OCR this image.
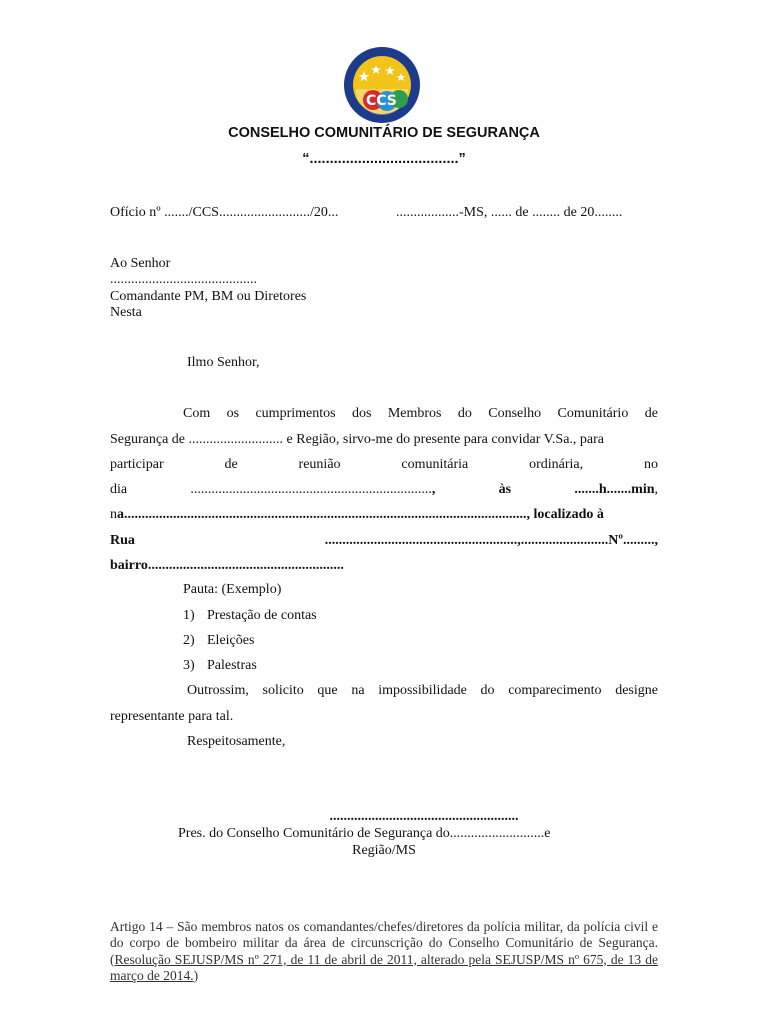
CCS
CONSELHO COMUNITÁRIO DE SEGURANÇA
“.....................................”
Ofício nº ......./CCS........................../20...	..................-MS, ...... de ........ de 20........
Ao Senhor
..........................................
Comandante PM, BM ou Diretores
Nesta
Ilmo Senhor,
Com os cumprimentos dos Membros do Conselho Comunitário de
Segurança de ........................... e Região, sirvo-me do presente para convidar V.Sa., para
participar	de	reunião	comunitária	ordinária,	no
dia	.....................................................................,	às	.......h.......min,
na..................................................................................................................., localizado à
Rua	.......................................................,.........................Nº.........,
bairro........................................................
Pauta: (Exemplo)
1) Prestação de contas
2) Eleições
3) Palestras
Outrossim, solicito que na impossibilidade do comparecimento designe
representante para tal.
Respeitosamente,
......................................................
Pres. do Conselho Comunitário de Segurança do...........................e
Região/MS
Artigo 14 – São membros natos os comandantes/chefes/diretores da polícia militar, da polícia civil e do corpo de bombeiro militar da área de circunscrição do Conselho Comunitário de Segurança. (Resolução SEJUSP/MS nº 271, de 11 de abril de 2011, alterado pela SEJUSP/MS nº 675, de 13 de março de 2014.)
